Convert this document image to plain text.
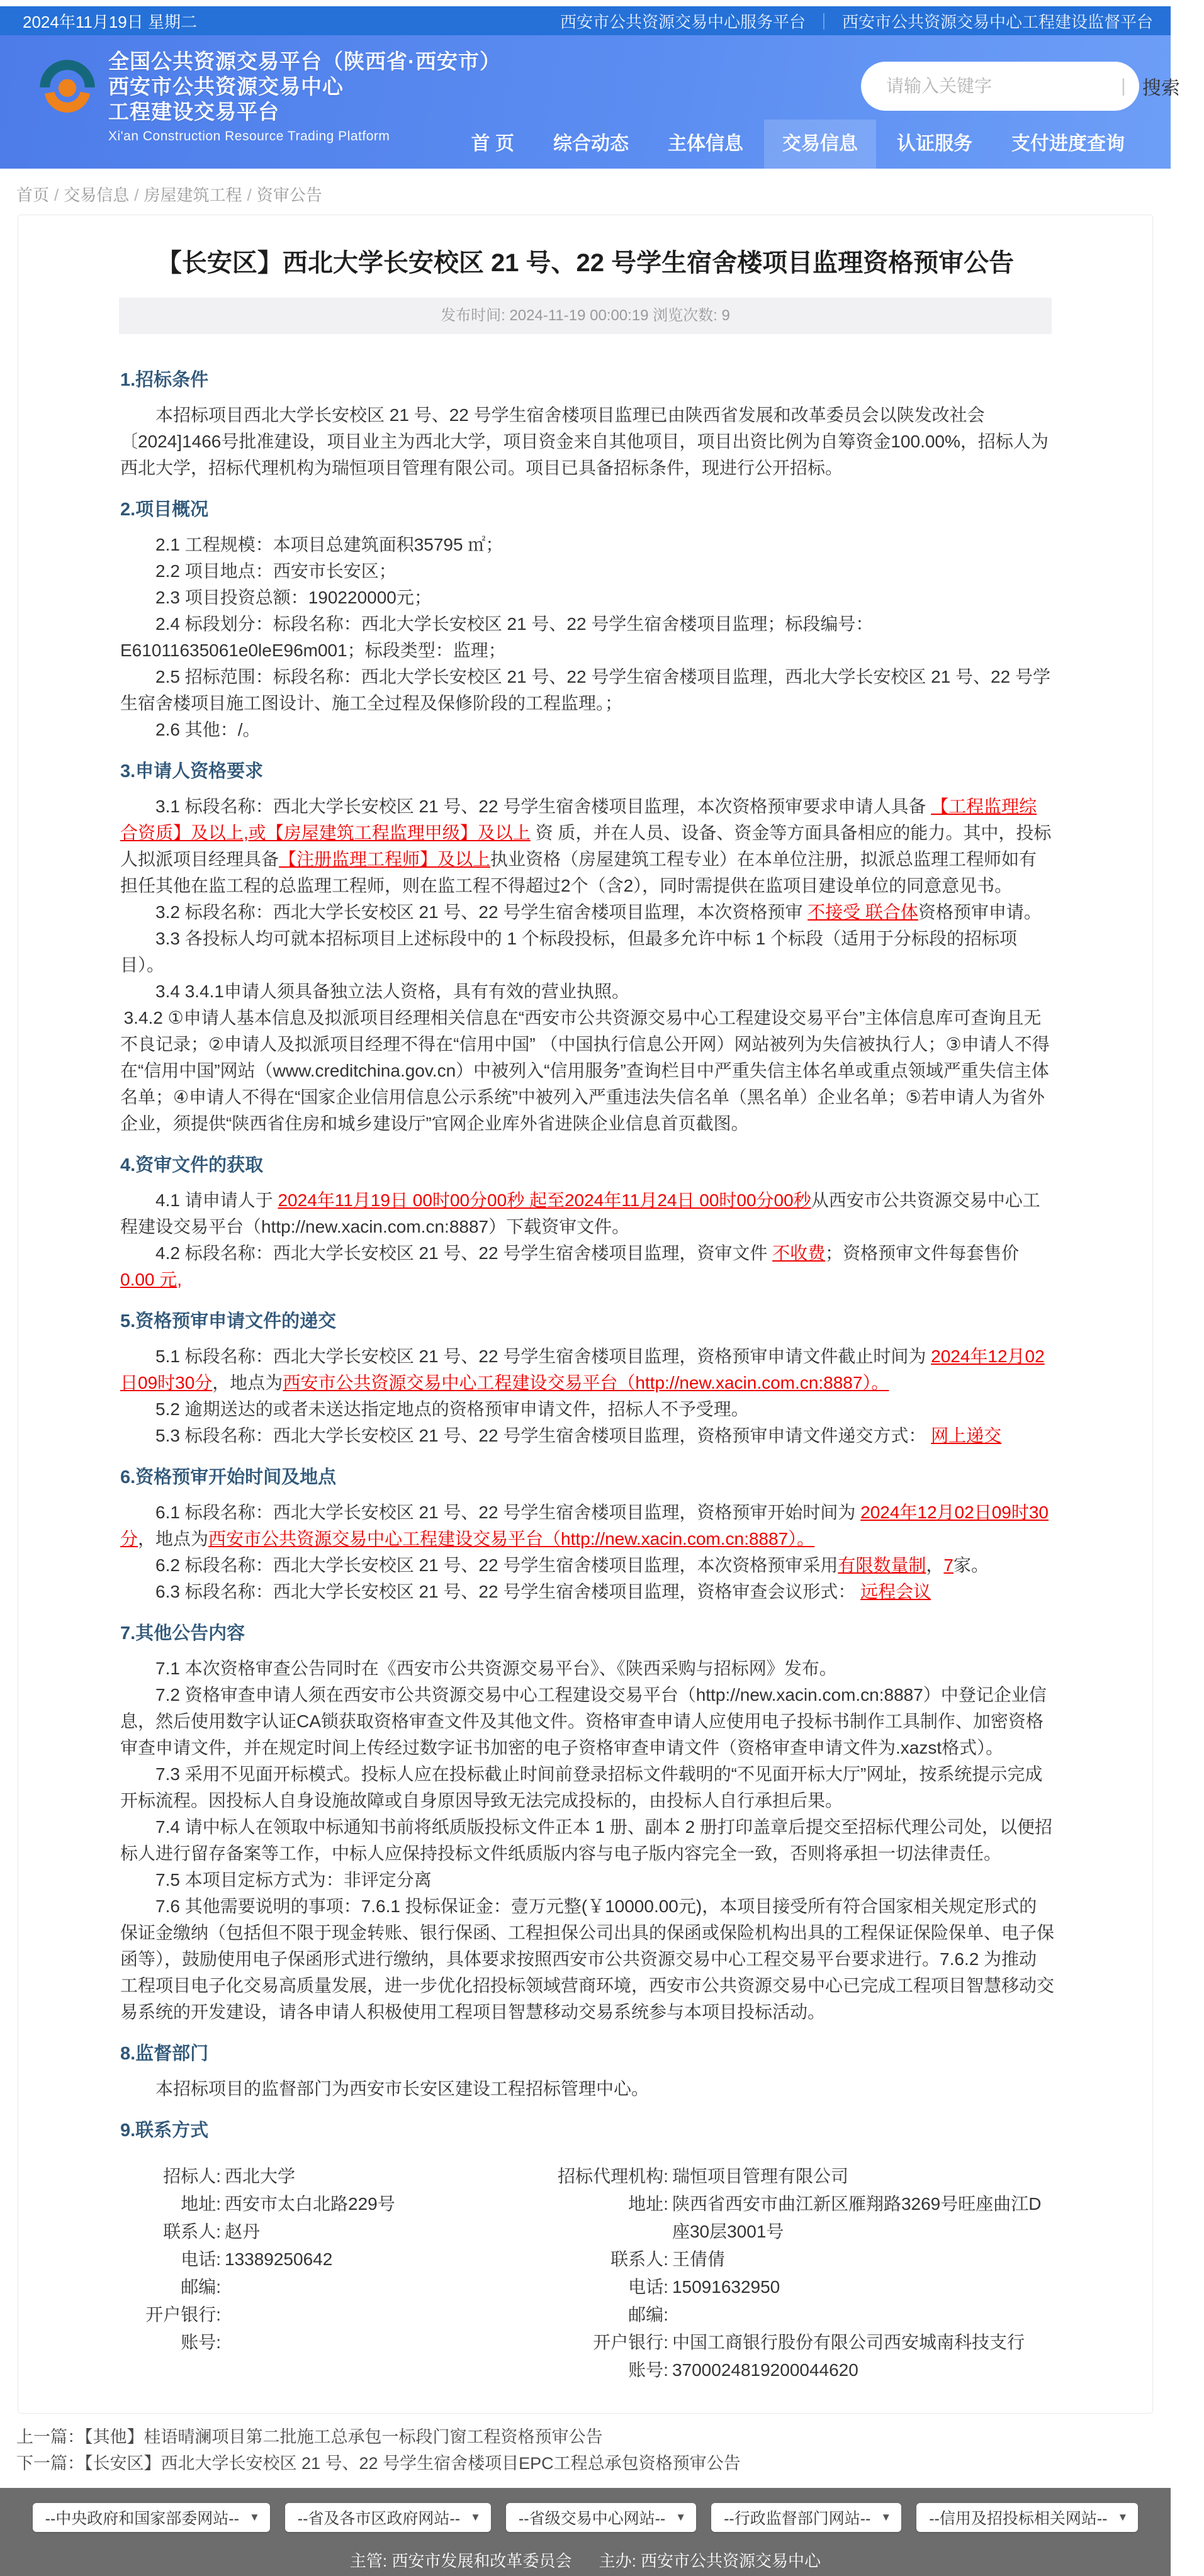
2024年11月19日 星期二	西安市公共资源交易中心服务平台 ｜ 西安市公共资源交易中心工程建设监督平台
全国公共资源交易平台（陕西省·西安市）
西安市公共资源交易中心
工程建设交易平台
Xi'an Construction Resource Trading Platform
请输入关键字
| 搜索
首 页	综合动态	主体信息	交易信息	认证服务	支付进度查询
首页 / 交易信息 / 房屋建筑工程 / 资审公告
【长安区】西北大学长安校区 21 号、22 号学生宿舍楼项目监理资格预审公告
发布时间: 2024-11-19 00:00:19 浏览次数: 9
1.招标条件
本招标项目西北大学长安校区 21 号、22 号学生宿舍楼项目监理已由陕西省发展和改革委员会以陕发改社会〔2024]1466号批准建设，项目业主为西北大学，项目资金来自其他项目，项目出资比例为自筹资金100.00%，招标人为西北大学，招标代理机构为瑞恒项目管理有限公司。项目已具备招标条件，现进行公开招标。
2.项目概况
2.1 工程规模：本项目总建筑面积35795 ㎡；
2.2 项目地点：西安市长安区；
2.3 项目投资总额：190220000元；
2.4 标段划分：标段名称：西北大学长安校区 21 号、22 号学生宿舍楼项目监理；标段编号：E61011635061e0leE96m001；标段类型：监理；
2.5 招标范围：标段名称：西北大学长安校区 21 号、22 号学生宿舍楼项目监理，西北大学长安校区 21 号、22 号学生宿舍楼项目施工图设计、施工全过程及保修阶段的工程监理。；
2.6 其他：/。
3.申请人资格要求
3.1 标段名称：西北大学长安校区 21 号、22 号学生宿舍楼项目监理，本次资格预审要求申请人具备 【工程监理综合资质】及以上,或【房屋建筑工程监理甲级】及以上 资 质，并在人员、设备、资金等方面具备相应的能力。其中，投标人拟派项目经理具备【注册监理工程师】及以上执业资格（房屋建筑工程专业）在本单位注册，拟派总监理工程师如有担任其他在监工程的总监理工程师，则在监工程不得超过2个（含2），同时需提供在监项目建设单位的同意意见书。
3.2 标段名称：西北大学长安校区 21 号、22 号学生宿舍楼项目监理，本次资格预审 不接受 联合体资格预审申请。
3.3 各投标人均可就本招标项目上述标段中的 1 个标段投标，但最多允许中标 1 个标段（适用于分标段的招标项目）。
3.4 3.4.1申请人须具备独立法人资格，具有有效的营业执照。
3.4.2 ①申请人基本信息及拟派项目经理相关信息在“西安市公共资源交易中心工程建设交易平台”主体信息库可查询且无不良记录；②申请人及拟派项目经理不得在“信用中国” （中国执行信息公开网）网站被列为失信被执行人；③申请人不得在“信用中国”网站（www.creditchina.gov.cn）中被列入“信用服务”查询栏目中严重失信主体名单或重点领域严重失信主体名单；④申请人不得在“国家企业信用信息公示系统”中被列入严重违法失信名单（黑名单）企业名单；⑤若申请人为省外企业，须提供“陕西省住房和城乡建设厅”官网企业库外省进陕企业信息首页截图。
4.资审文件的获取
4.1 请申请人于 2024年11月19日 00时00分00秒 起至2024年11月24日 00时00分00秒从西安市公共资源交易中心工程建设交易平台（http://new.xacin.com.cn:8887）下载资审文件。
4.2 标段名称：西北大学长安校区 21 号、22 号学生宿舍楼项目监理，资审文件 不收费；资格预审文件每套售价 0.00 元,
5.资格预审申请文件的递交
5.1 标段名称：西北大学长安校区 21 号、22 号学生宿舍楼项目监理，资格预审申请文件截止时间为 2024年12月02日09时30分，地点为西安市公共资源交易中心工程建设交易平台（http://new.xacin.com.cn:8887）。
5.2 逾期送达的或者未送达指定地点的资格预审申请文件，招标人不予受理。
5.3 标段名称：西北大学长安校区 21 号、22 号学生宿舍楼项目监理，资格预审申请文件递交方式： 网上递交
6.资格预审开始时间及地点
6.1 标段名称：西北大学长安校区 21 号、22 号学生宿舍楼项目监理，资格预审开始时间为 2024年12月02日09时30分，地点为西安市公共资源交易中心工程建设交易平台（http://new.xacin.com.cn:8887）。
6.2 标段名称：西北大学长安校区 21 号、22 号学生宿舍楼项目监理，本次资格预审采用有限数量制，7家。
6.3 标段名称：西北大学长安校区 21 号、22 号学生宿舍楼项目监理，资格审查会议形式： 远程会议
7.其他公告内容
7.1 本次资格审查公告同时在《西安市公共资源交易平台》、《陕西采购与招标网》发布。
7.2 资格审查申请人须在西安市公共资源交易中心工程建设交易平台（http://new.xacin.com.cn:8887）中登记企业信息，然后使用数字认证CA锁获取资格审查文件及其他文件。资格审查申请人应使用电子投标书制作工具制作、加密资格审查申请文件，并在规定时间上传经过数字证书加密的电子资格审查申请文件（资格审查申请文件为.xazst格式）。
7.3 采用不见面开标模式。投标人应在投标截止时间前登录招标文件载明的“不见面开标大厅”网址，按系统提示完成开标流程。因投标人自身设施故障或自身原因导致无法完成投标的，由投标人自行承担后果。
7.4 请中标人在领取中标通知书前将纸质版投标文件正本 1 册、副本 2 册打印盖章后提交至招标代理公司处，以便招标人进行留存备案等工作，中标人应保持投标文件纸质版内容与电子版内容完全一致，否则将承担一切法律责任。
7.5 本项目定标方式为：非评定分离
7.6 其他需要说明的事项：7.6.1 投标保证金：壹万元整(￥10000.00元)，本项目接受所有符合国家相关规定形式的保证金缴纳（包括但不限于现金转账、银行保函、工程担保公司出具的保函或保险机构出具的工程保证保险保单、电子保函等），鼓励使用电子保函形式进行缴纳，具体要求按照西安市公共资源交易中心工程交易平台要求进行。7.6.2 为推动工程项目电子化交易高质量发展，进一步优化招投标领域营商环境，西安市公共资源交易中心已完成工程项目智慧移动交易系统的开发建设，请各申请人积极使用工程项目智慧移动交易系统参与本项目投标活动。
8.监督部门
本招标项目的监督部门为西安市长安区建设工程招标管理中心。
9.联系方式
招标人: 西北大学
地址: 西安市太白北路229号
联系人: 赵丹
电话: 13389250642
邮编:
开户银行:
账号:
招标代理机构: 瑞恒项目管理有限公司
地址: 陕西省西安市曲江新区雁翔路3269号旺座曲江D座30层3001号
联系人: 王倩倩
电话: 15091632950
邮编:
开户银行: 中国工商银行股份有限公司西安城南科技支行
账号: 3700024819200044620
上一篇：【其他】桂语晴澜项目第二批施工总承包一标段门窗工程资格预审公告
下一篇：【长安区】西北大学长安校区 21 号、22 号学生宿舍楼项目EPC工程总承包资格预审公告
--中央政府和国家部委网站-- ▼ --省及各市区政府网站-- ▼ --省级交易中心网站-- ▼ --行政监督部门网站-- ▼ --信用及招投标相关网站-- ▼
主管: 西安市发展和改革委员会 主办: 西安市公共资源交易中心
